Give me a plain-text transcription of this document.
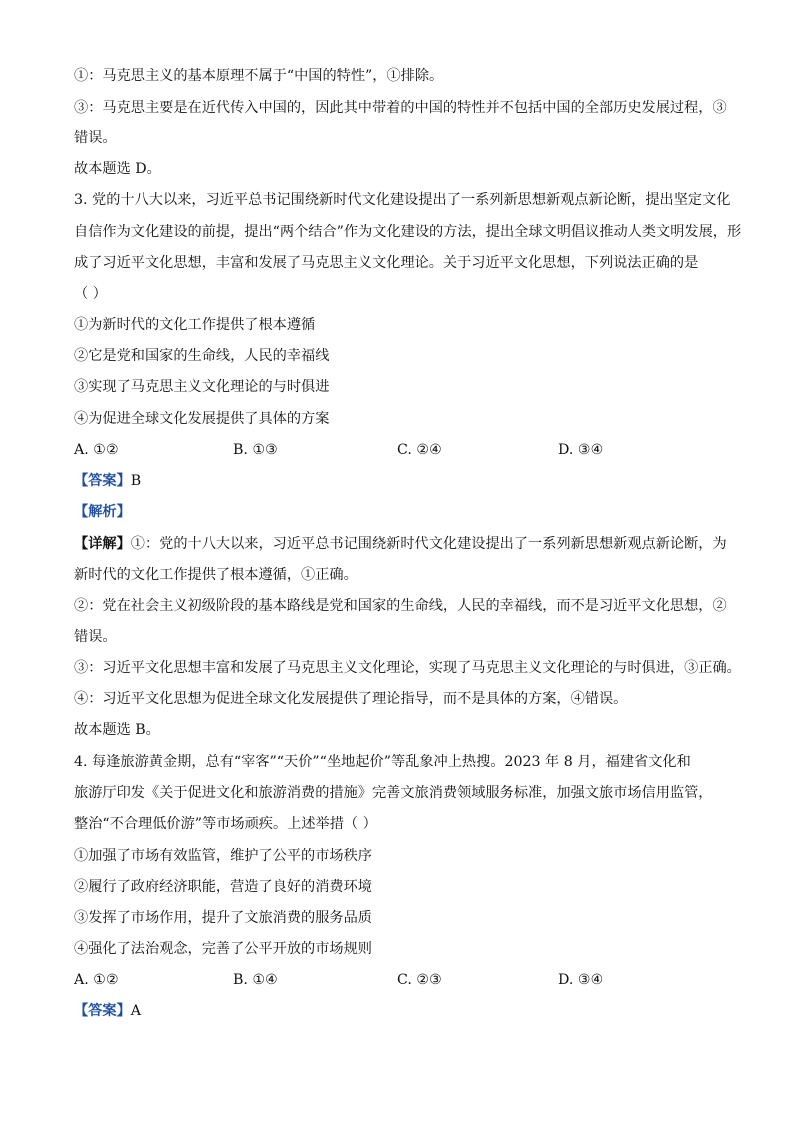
①：马克思主义的基本原理不属于“中国的特性”，①排除。
③：马克思主要是在近代传入中国的，因此其中带着的中国的特性并不包括中国的全部历史发展过程，③
错误。
故本题选 D。
3. 党的十八大以来，习近平总书记围绕新时代文化建设提出了一系列新思想新观点新论断，提出坚定文化
自信作为文化建设的前提，提出“两个结合”作为文化建设的方法，提出全球文明倡议推动人类文明发展，形
成了习近平文化思想，丰富和发展了马克思主义文化理论。关于习近平文化思想，下列说法正确的是
（ ）
①为新时代的文化工作提供了根本遵循
②它是党和国家的生命线，人民的幸福线
③实现了马克思主义文化理论的与时俱进
④为促进全球文化发展提供了具体的方案
A. ①②	B. ①③	C. ②④	D. ③④
【答案】B
【解析】
【详解】①：党的十八大以来，习近平总书记围绕新时代文化建设提出了一系列新思想新观点新论断，为
新时代的文化工作提供了根本遵循，①正确。
②：党在社会主义初级阶段的基本路线是党和国家的生命线，人民的幸福线，而不是习近平文化思想，②
错误。
③：习近平文化思想丰富和发展了马克思主义文化理论，实现了马克思主义文化理论的与时俱进，③正确。
④：习近平文化思想为促进全球文化发展提供了理论指导，而不是具体的方案，④错误。
故本题选 B。
4. 每逢旅游黄金期，总有“宰客”“天价”“坐地起价”等乱象冲上热搜。2023 年 8 月，福建省文化和
旅游厅印发《关于促进文化和旅游消费的措施》完善文旅消费领域服务标准，加强文旅市场信用监管，
整治“不合理低价游”等市场顽疾。上述举措（ ）
①加强了市场有效监管，维护了公平的市场秩序
②履行了政府经济职能，营造了良好的消费环境
③发挥了市场作用，提升了文旅消费的服务品质
④强化了法治观念，完善了公平开放的市场规则
A. ①②	B. ①④	C. ②③	D. ③④
【答案】A
